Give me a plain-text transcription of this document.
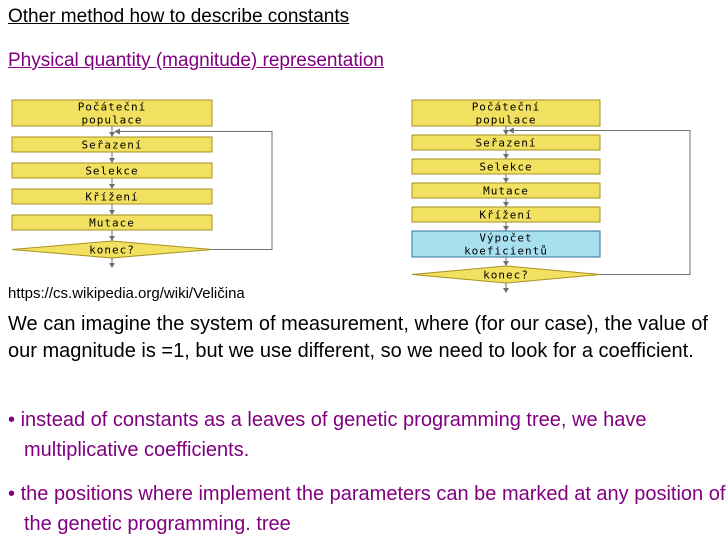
Other method how to describe constants
Physical quantity (magnitude) representation
Počáteční
populace
Seřazení
Selekce
Křížení
Mutace
konec?
Počáteční
populace
Seřazení
Selekce
Mutace
Křížení
Výpočet
koeficientů
konec?
https://cs.wikipedia.org/wiki/Veličina
We can imagine the system of measurement, where (for our case), the value of our magnitude is =1, but we use different, so we need to look for a coefficient.
• instead of constants as a leaves of genetic programming tree, we have multiplicative coefficients.
• the positions where implement the parameters can be marked at any position of the genetic programming. tree
